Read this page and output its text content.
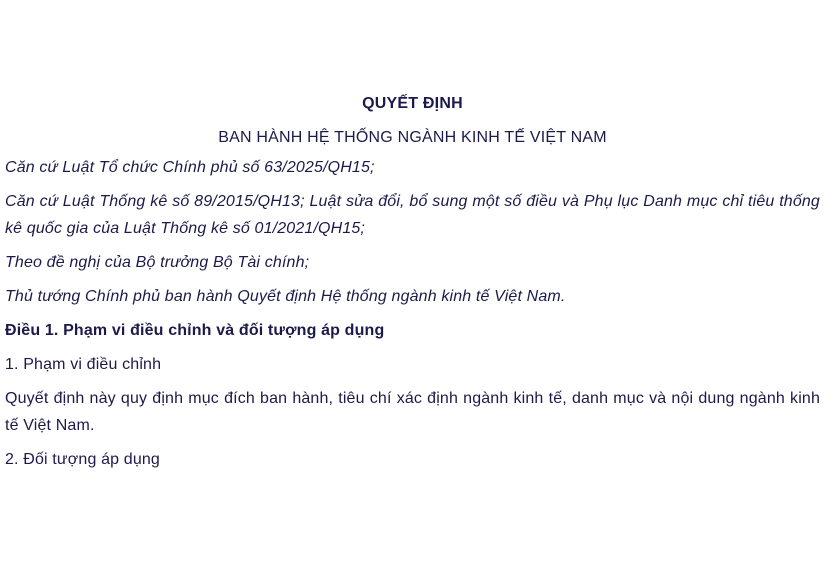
QUYẾT ĐỊNH
BAN HÀNH HỆ THỐNG NGÀNH KINH TẾ VIỆT NAM
Căn cứ Luật Tổ chức Chính phủ số 63/2025/QH15;
Căn cứ Luật Thống kê số 89/2015/QH13; Luật sửa đổi, bổ sung một số điều và Phụ lục Danh mục chỉ tiêu thống kê quốc gia của Luật Thống kê số 01/2021/QH15;
Theo đề nghị của Bộ trưởng Bộ Tài chính;
Thủ tướng Chính phủ ban hành Quyết định Hệ thống ngành kinh tế Việt Nam.
Điều 1. Phạm vi điều chỉnh và đối tượng áp dụng
1. Phạm vi điều chỉnh
Quyết định này quy định mục đích ban hành, tiêu chí xác định ngành kinh tế, danh mục và nội dung ngành kinh tế Việt Nam.
2. Đối tượng áp dụng
